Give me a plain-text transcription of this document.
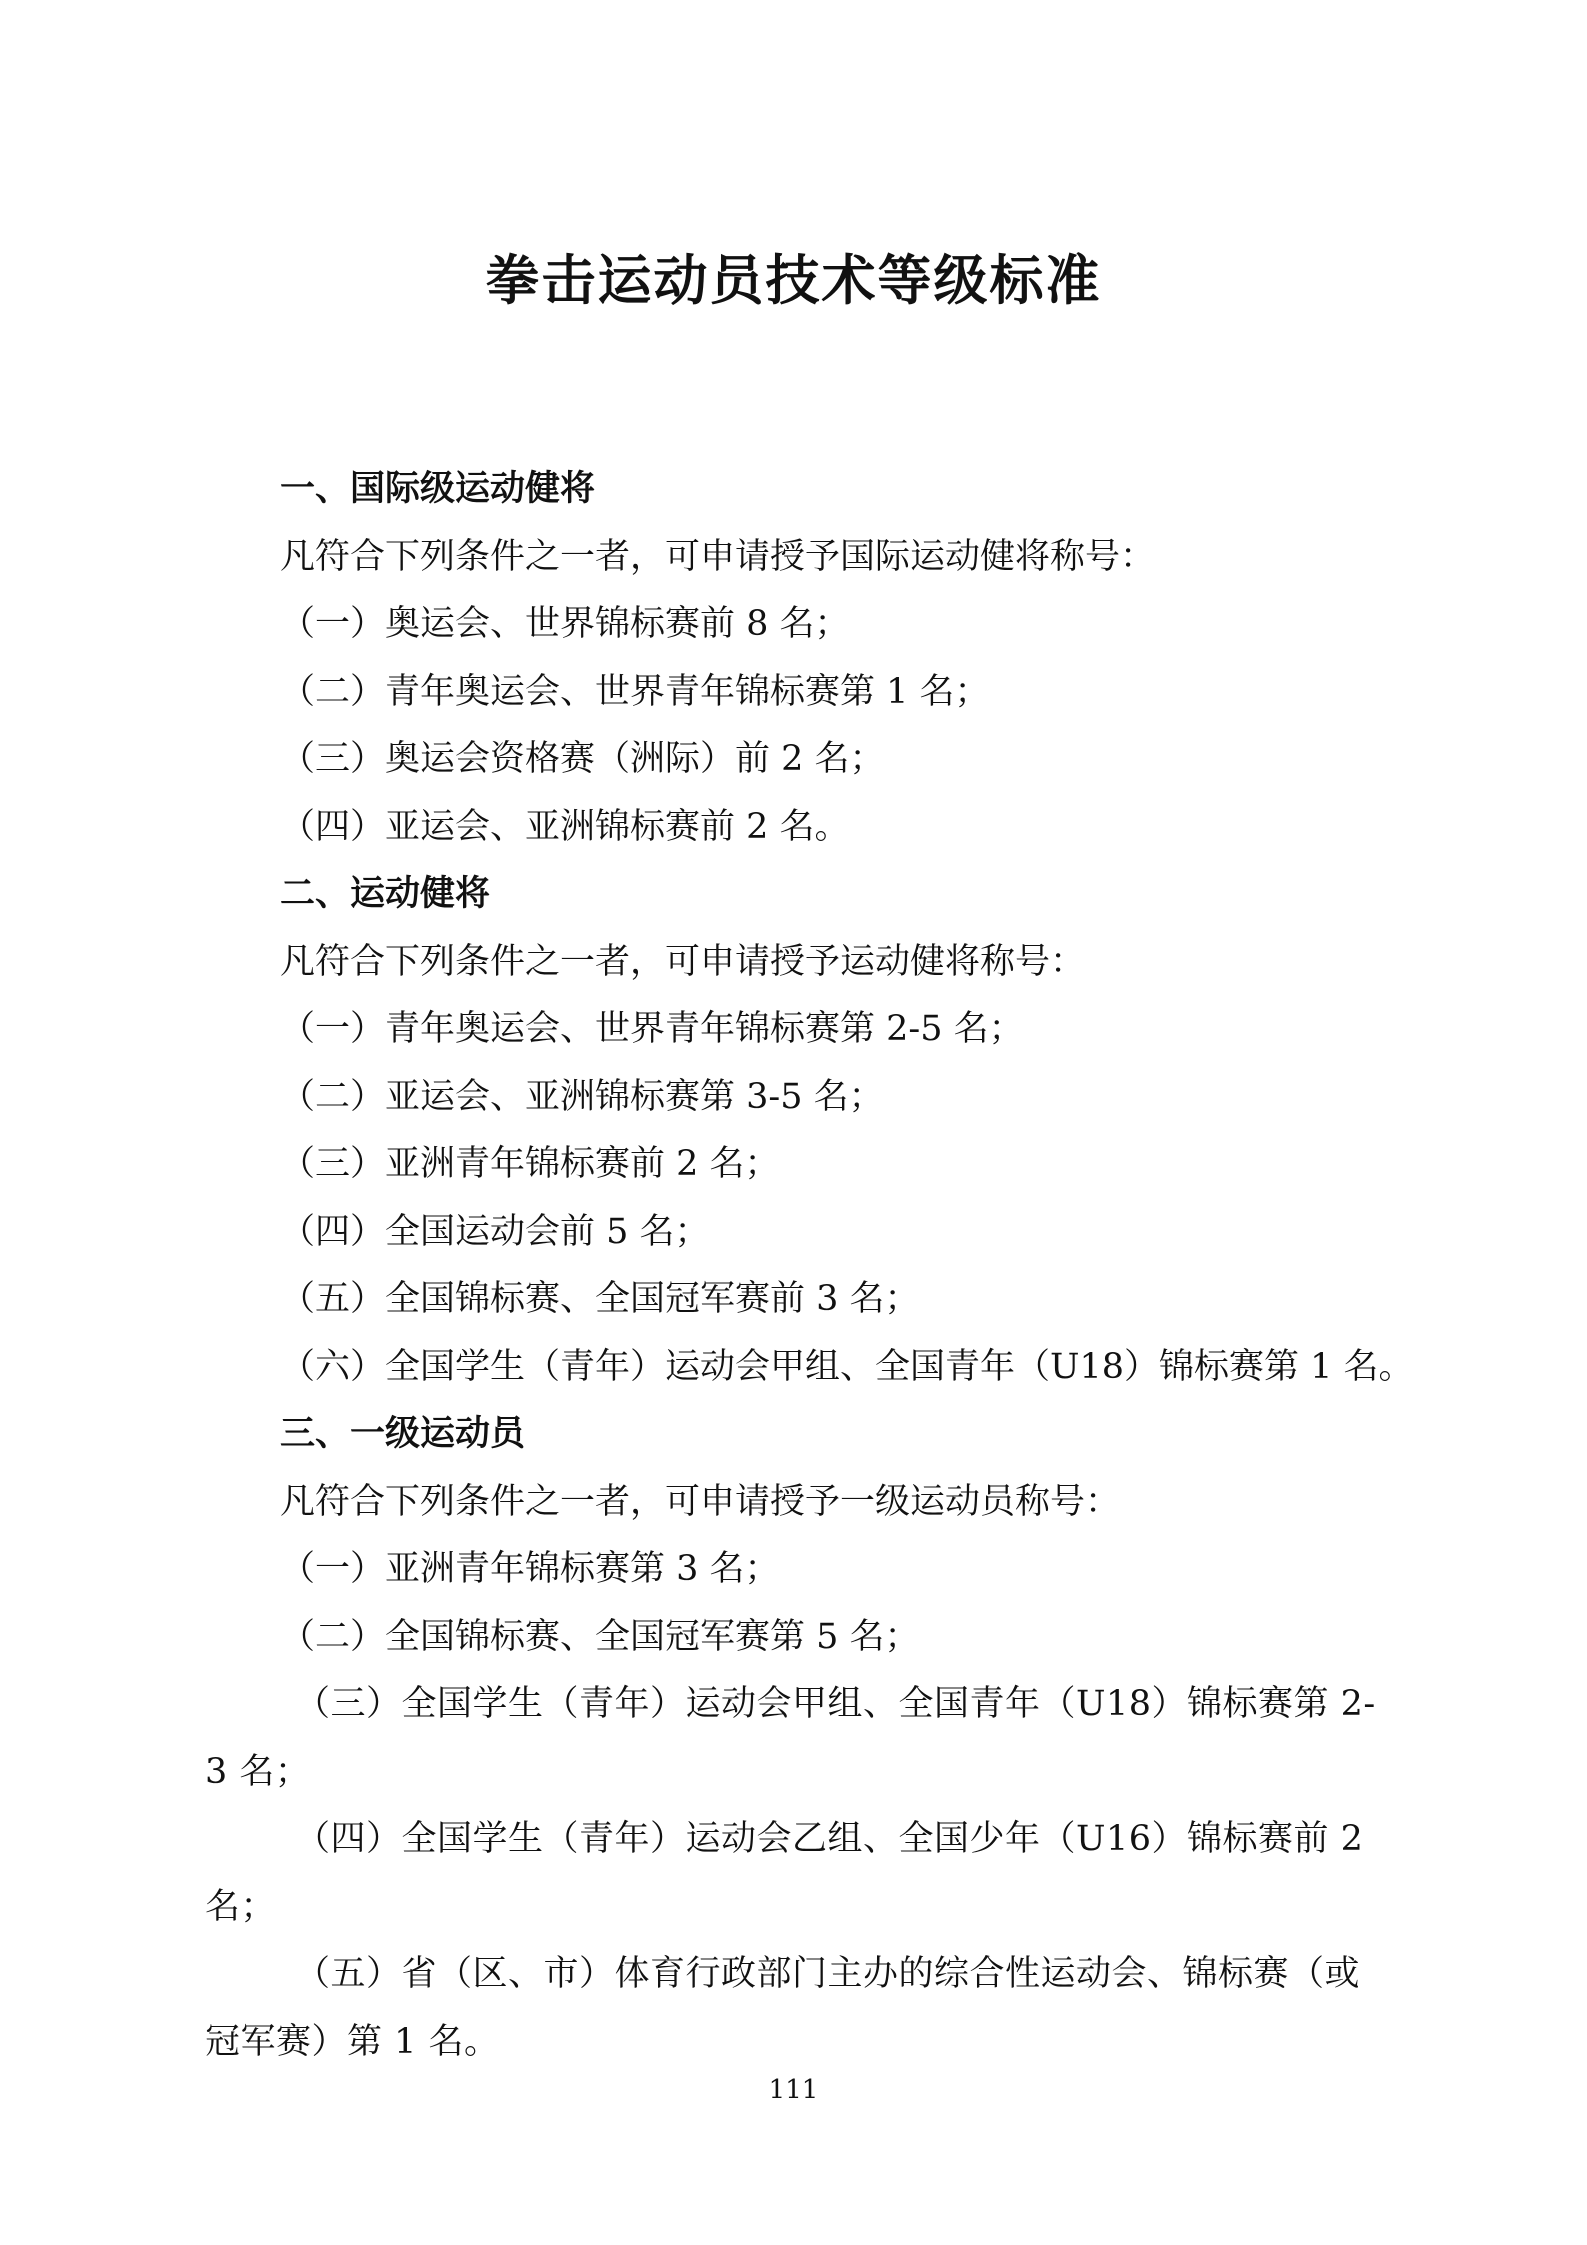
拳击运动员技术等级标准

一、国际级运动健将

凡符合下列条件之一者，可申请授予国际运动健将称号：

（一）奥运会、世界锦标赛前 8 名；

（二）青年奥运会、世界青年锦标赛第 1 名；

（三）奥运会资格赛（洲际）前 2 名；

（四）亚运会、亚洲锦标赛前 2 名。

二、运动健将

凡符合下列条件之一者，可申请授予运动健将称号：

（一）青年奥运会、世界青年锦标赛第 2-5 名；

（二）亚运会、亚洲锦标赛第 3-5 名；

（三）亚洲青年锦标赛前 2 名；

（四）全国运动会前 5 名；

（五）全国锦标赛、全国冠军赛前 3 名；

（六）全国学生（青年）运动会甲组、全国青年（U18）锦标赛第 1 名。

三、一级运动员

凡符合下列条件之一者，可申请授予一级运动员称号：

（一）亚洲青年锦标赛第 3 名；

（二）全国锦标赛、全国冠军赛第 5 名；

（三）全国学生（青年）运动会甲组、全国青年（U18）锦标赛第 2-3 名；

（四）全国学生（青年）运动会乙组、全国少年（U16）锦标赛前 2 名；

（五）省（区、市）体育行政部门主办的综合性运动会、锦标赛（或冠军赛）第 1 名。

111
